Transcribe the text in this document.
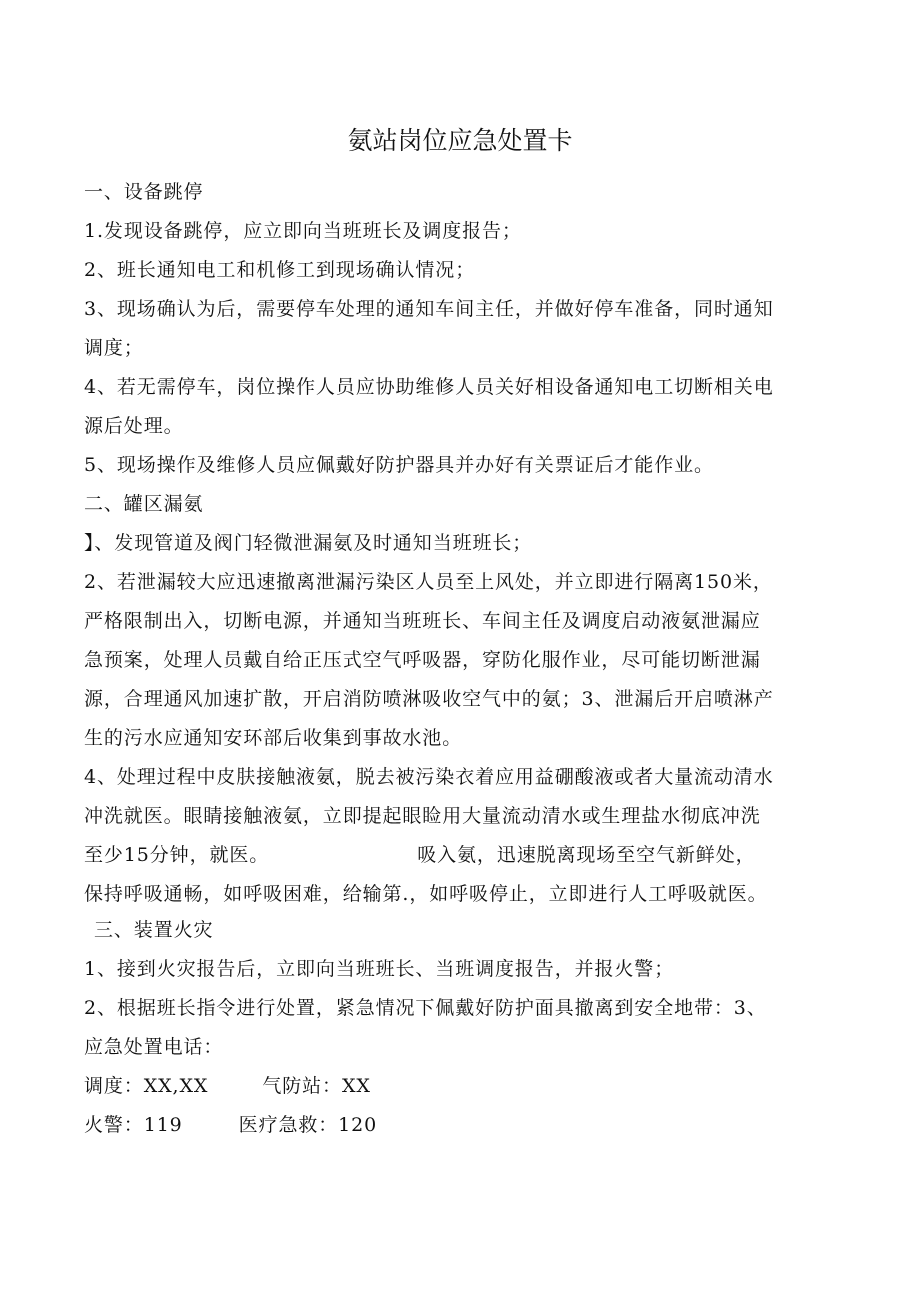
氨站岗位应急处置卡
一、设备跳停
1.发现设备跳停，应立即向当班班长及调度报告；
2、班长通知电工和机修工到现场确认情况；
3、现场确认为后，需要停车处理的通知车间主任，并做好停车准备，同时通知
调度；
4、若无需停车，岗位操作人员应协助维修人员关好相设备通知电工切断相关电
源后处理。
5、现场操作及维修人员应佩戴好防护器具并办好有关票证后才能作业。
二、罐区漏氨
】、发现管道及阀门轻微泄漏氨及时通知当班班长；
2、若泄漏较大应迅速撤离泄漏污染区人员至上风处，并立即进行隔离150米，
严格限制出入，切断电源，并通知当班班长、车间主任及调度启动液氨泄漏应
急预案，处理人员戴自给正压式空气呼吸器，穿防化服作业，尽可能切断泄漏
源，合理通风加速扩散，开启消防喷淋吸收空气中的氨；3、泄漏后开启喷淋产
生的污水应通知安环部后收集到事故水池。
4、处理过程中皮肤接触液氨，脱去被污染衣着应用益硼酸液或者大量流动清水
冲洗就医。眼睛接触液氨，立即提起眼睑用大量流动清水或生理盐水彻底冲洗
至少15分钟，就医。	吸入氨，迅速脱离现场至空气新鲜处，
保持呼吸通畅，如呼吸困难，给输第.，如呼吸停止，立即进行人工呼吸就医。
三、装置火灾
1、接到火灾报告后，立即向当班班长、当班调度报告，并报火警；
2、根据班长指令进行处置，紧急情况下佩戴好防护面具撤离到安全地带：3、
应急处置电话：
调度：XX,XX	气防站：XX
火警：119	医疗急救：120
